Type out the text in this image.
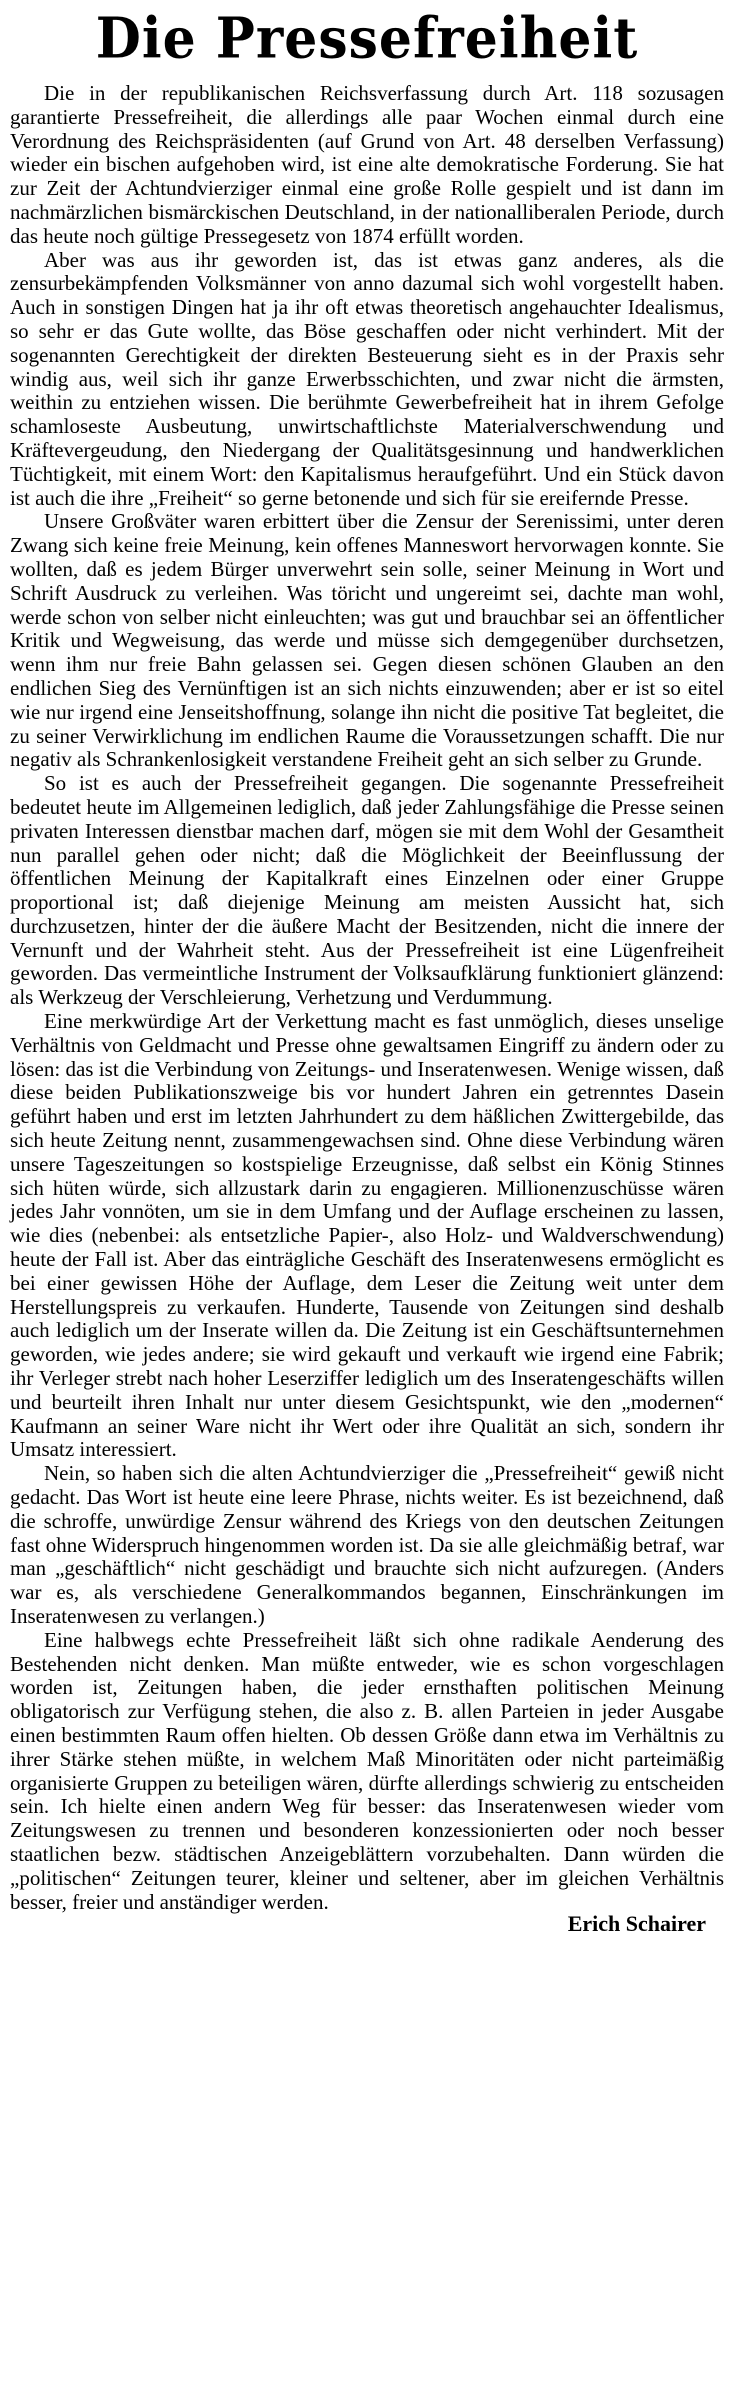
Die Pressefreiheit

Die in der republikanischen Reichsverfassung durch Art. 118 sozusagen garantierte Pressefreiheit, die allerdings alle paar Wochen einmal durch eine Verordnung des Reichspräsidenten (auf Grund von Art. 48 derselben Verfassung) wieder ein bischen aufgehoben wird, ist eine alte demokratische Forderung. Sie hat zur Zeit der Achtundvierziger einmal eine große Rolle gespielt und ist dann im nachmärzlichen bismärckischen Deutschland, in der nationalliberalen Periode, durch das heute noch gültige Pressegesetz von 1874 erfüllt worden.

Aber was aus ihr geworden ist, das ist etwas ganz anderes, als die zensurbekämpfenden Volksmänner von anno dazumal sich wohl vorgestellt haben. Auch in sonstigen Dingen hat ja ihr oft etwas theoretisch angehauchter Idealismus, so sehr er das Gute wollte, das Böse geschaffen oder nicht verhindert. Mit der sogenannten Gerechtigkeit der direkten Besteuerung sieht es in der Praxis sehr windig aus, weil sich ihr ganze Erwerbsschichten, und zwar nicht die ärmsten, weithin zu entziehen wissen. Die berühmte Gewerbefreiheit hat in ihrem Gefolge schamloseste Ausbeutung, unwirtschaftlichste Materialverschwendung und Kräftevergeudung, den Niedergang der Qualitätsgesinnung und handwerklichen Tüchtigkeit, mit einem Wort: den Kapitalismus heraufgeführt. Und ein Stück davon ist auch die ihre „Freiheit“ so gerne betonende und sich für sie ereifernde Presse.

Unsere Großväter waren erbittert über die Zensur der Serenissimi, unter deren Zwang sich keine freie Meinung, kein offenes Manneswort hervorwagen konnte. Sie wollten, daß es jedem Bürger unverwehrt sein solle, seiner Meinung in Wort und Schrift Ausdruck zu verleihen. Was töricht und ungereimt sei, dachte man wohl, werde schon von selber nicht einleuchten; was gut und brauchbar sei an öffentlicher Kritik und Wegweisung, das werde und müsse sich demgegenüber durchsetzen, wenn ihm nur freie Bahn gelassen sei. Gegen diesen schönen Glauben an den endlichen Sieg des Vernünftigen ist an sich nichts einzuwenden; aber er ist so eitel wie nur irgend eine Jenseitshoffnung, solange ihn nicht die positive Tat begleitet, die zu seiner Verwirklichung im endlichen Raume die Voraussetzungen schafft. Die nur negativ als Schrankenlosigkeit verstandene Freiheit geht an sich selber zu Grunde.

So ist es auch der Pressefreiheit gegangen. Die sogenannte Pressefreiheit bedeutet heute im Allgemeinen lediglich, daß jeder Zahlungsfähige die Presse seinen privaten Interessen dienstbar machen darf, mögen sie mit dem Wohl der Gesamtheit nun parallel gehen oder nicht; daß die Möglichkeit der Beeinflussung der öffentlichen Meinung der Kapitalkraft eines Einzelnen oder einer Gruppe proportional ist; daß diejenige Meinung am meisten Aussicht hat, sich durchzusetzen, hinter der die äußere Macht der Besitzenden, nicht die innere der Vernunft und der Wahrheit steht. Aus der Pressefreiheit ist eine Lügenfreiheit geworden. Das vermeintliche Instrument der Volksaufklärung funktioniert glänzend: als Werkzeug der Verschleierung, Verhetzung und Verdummung.

Eine merkwürdige Art der Verkettung macht es fast unmöglich, dieses unselige Verhältnis von Geldmacht und Presse ohne gewaltsamen Eingriff zu ändern oder zu lösen: das ist die Verbindung von Zeitungs- und Inseratenwesen. Wenige wissen, daß diese beiden Publikationszweige bis vor hundert Jahren ein getrenntes Dasein geführt haben und erst im letzten Jahrhundert zu dem häßlichen Zwittergebilde, das sich heute Zeitung nennt, zusammengewachsen sind. Ohne diese Verbindung wären unsere Tageszeitungen so kostspielige Erzeugnisse, daß selbst ein König Stinnes sich hüten würde, sich allzustark darin zu engagieren. Millionenzuschüsse wären jedes Jahr vonnöten, um sie in dem Umfang und der Auflage erscheinen zu lassen, wie dies (nebenbei: als entsetzliche Papier-, also Holz- und Waldverschwendung) heute der Fall ist. Aber das einträgliche Geschäft des Inseratenwesens ermöglicht es bei einer gewissen Höhe der Auflage, dem Leser die Zeitung weit unter dem Herstellungspreis zu verkaufen. Hunderte, Tausende von Zeitungen sind deshalb auch lediglich um der Inserate willen da. Die Zeitung ist ein Geschäftsunternehmen geworden, wie jedes andere; sie wird gekauft und verkauft wie irgend eine Fabrik; ihr Verleger strebt nach hoher Leserziffer lediglich um des Inseratengeschäfts willen und beurteilt ihren Inhalt nur unter diesem Gesichtspunkt, wie den „modernen“ Kaufmann an seiner Ware nicht ihr Wert oder ihre Qualität an sich, sondern ihr Umsatz interessiert.

Nein, so haben sich die alten Achtundvierziger die „Pressefreiheit“ gewiß nicht gedacht. Das Wort ist heute eine leere Phrase, nichts weiter. Es ist bezeichnend, daß die schroffe, unwürdige Zensur während des Kriegs von den deutschen Zeitungen fast ohne Widerspruch hingenommen worden ist. Da sie alle gleichmäßig betraf, war man „geschäftlich“ nicht geschädigt und brauchte sich nicht aufzuregen. (Anders war es, als verschiedene Generalkommandos begannen, Einschränkungen im Inseratenwesen zu verlangen.)

Eine halbwegs echte Pressefreiheit läßt sich ohne radikale Aenderung des Bestehenden nicht denken. Man müßte entweder, wie es schon vorgeschlagen worden ist, Zeitungen haben, die jeder ernsthaften politischen Meinung obligatorisch zur Verfügung stehen, die also z. B. allen Parteien in jeder Ausgabe einen bestimmten Raum offen hielten. Ob dessen Größe dann etwa im Verhältnis zu ihrer Stärke stehen müßte, in welchem Maß Minoritäten oder nicht parteimäßig organisierte Gruppen zu beteiligen wären, dürfte allerdings schwierig zu entscheiden sein. Ich hielte einen andern Weg für besser: das Inseratenwesen wieder vom Zeitungswesen zu trennen und besonderen konzessionierten oder noch besser staatlichen bezw. städtischen Anzeigeblättern vorzubehalten. Dann würden die „politischen“ Zeitungen teurer, kleiner und seltener, aber im gleichen Verhältnis besser, freier und anständiger werden.

Erich Schairer
